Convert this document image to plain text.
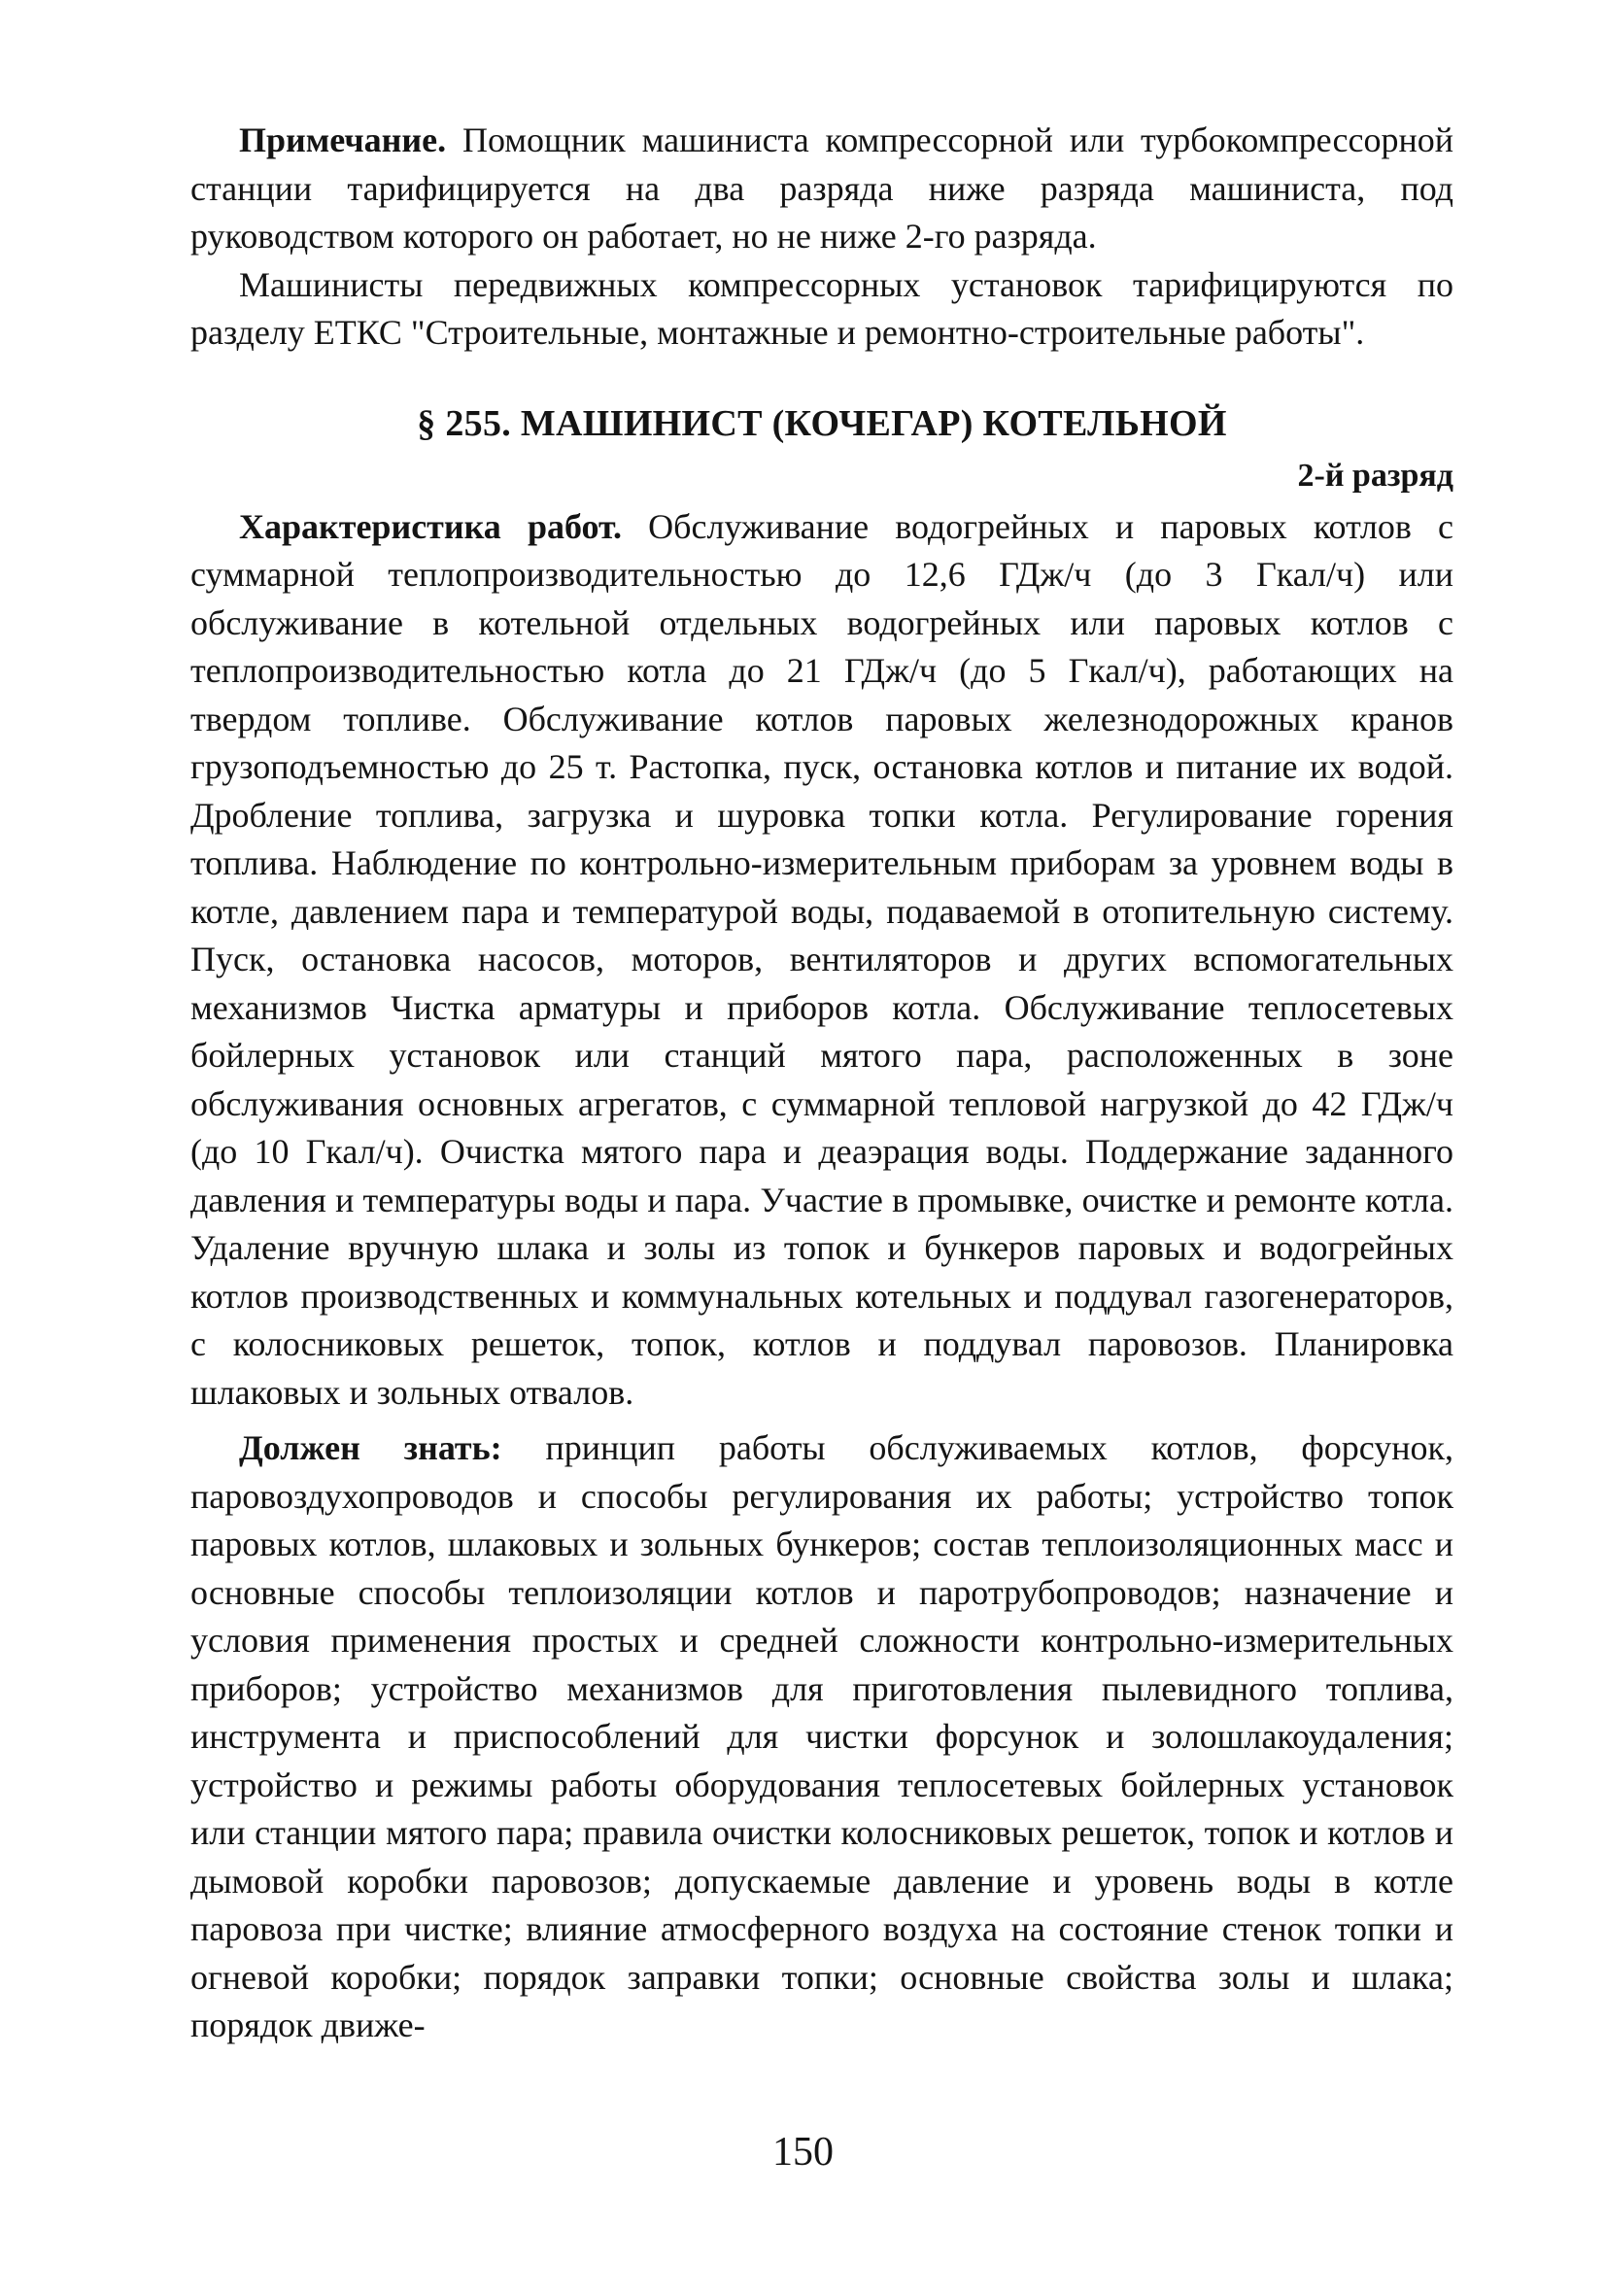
Примечание. Помощник машиниста компрессорной или турбокомпрессорной станции тарифицируется на два разряда ниже разряда машиниста, под руководством которого он работает, но не ниже 2-го разряда.

Машинисты передвижных компрессорных установок тарифицируются по разделу ЕТКС "Строительные, монтажные и ремонтно-строительные работы".

§ 255. МАШИНИСТ (КОЧЕГАР) КОТЕЛЬНОЙ
2-й разряд

Характеристика работ. Обслуживание водогрейных и паровых котлов с суммарной теплопроизводительностью до 12,6 ГДж/ч (до 3 Гкал/ч) или обслуживание в котельной отдельных водогрейных или паровых котлов с теплопроизводительностью котла до 21 ГДж/ч (до 5 Гкал/ч), работающих на твердом топливе. Обслуживание котлов паровых железнодорожных кранов грузоподъемностью до 25 т. Растопка, пуск, остановка котлов и питание их водой. Дробление топлива, загрузка и шуровка топки котла. Регулирование горения топлива. Наблюдение по контрольно-измерительным приборам за уровнем воды в котле, давлением пара и температурой воды, подаваемой в отопительную систему. Пуск, остановка насосов, моторов, вентиляторов и других вспомогательных механизмов Чистка арматуры и приборов котла. Обслуживание теплосетевых бойлерных установок или станций мятого пара, расположенных в зоне обслуживания основных агрегатов, с суммарной тепловой нагрузкой до 42 ГДж/ч (до 10 Гкал/ч). Очистка мятого пара и деаэрация воды. Поддержание заданного давления и температуры воды и пара. Участие в промывке, очистке и ремонте котла. Удаление вручную шлака и золы из топок и бункеров паровых и водогрейных котлов производственных и коммунальных котельных и поддувал газогенераторов, с колосниковых решеток, топок, котлов и поддувал паровозов. Планировка шлаковых и зольных отвалов.

Должен знать: принцип работы обслуживаемых котлов, форсунок, паровоздухопроводов и способы регулирования их работы; устройство топок паровых котлов, шлаковых и зольных бункеров; состав теплоизоляционных масс и основные способы теплоизоляции котлов и паротрубопроводов; назначение и условия применения простых и средней сложности контрольно-измерительных приборов; устройство механизмов для приготовления пылевидного топлива, инструмента и приспособлений для чистки форсунок и золошлакоудаления; устройство и режимы работы оборудования теплосетевых бойлерных установок или станции мятого пара; правила очистки колосниковых решеток, топок и котлов и дымовой коробки паровозов; допускаемые давление и уровень воды в котле паровоза при чистке; влияние атмосферного воздуха на состояние стенок топки и огневой коробки; порядок заправки топки; основные свойства золы и шлака; порядок движе-

150
